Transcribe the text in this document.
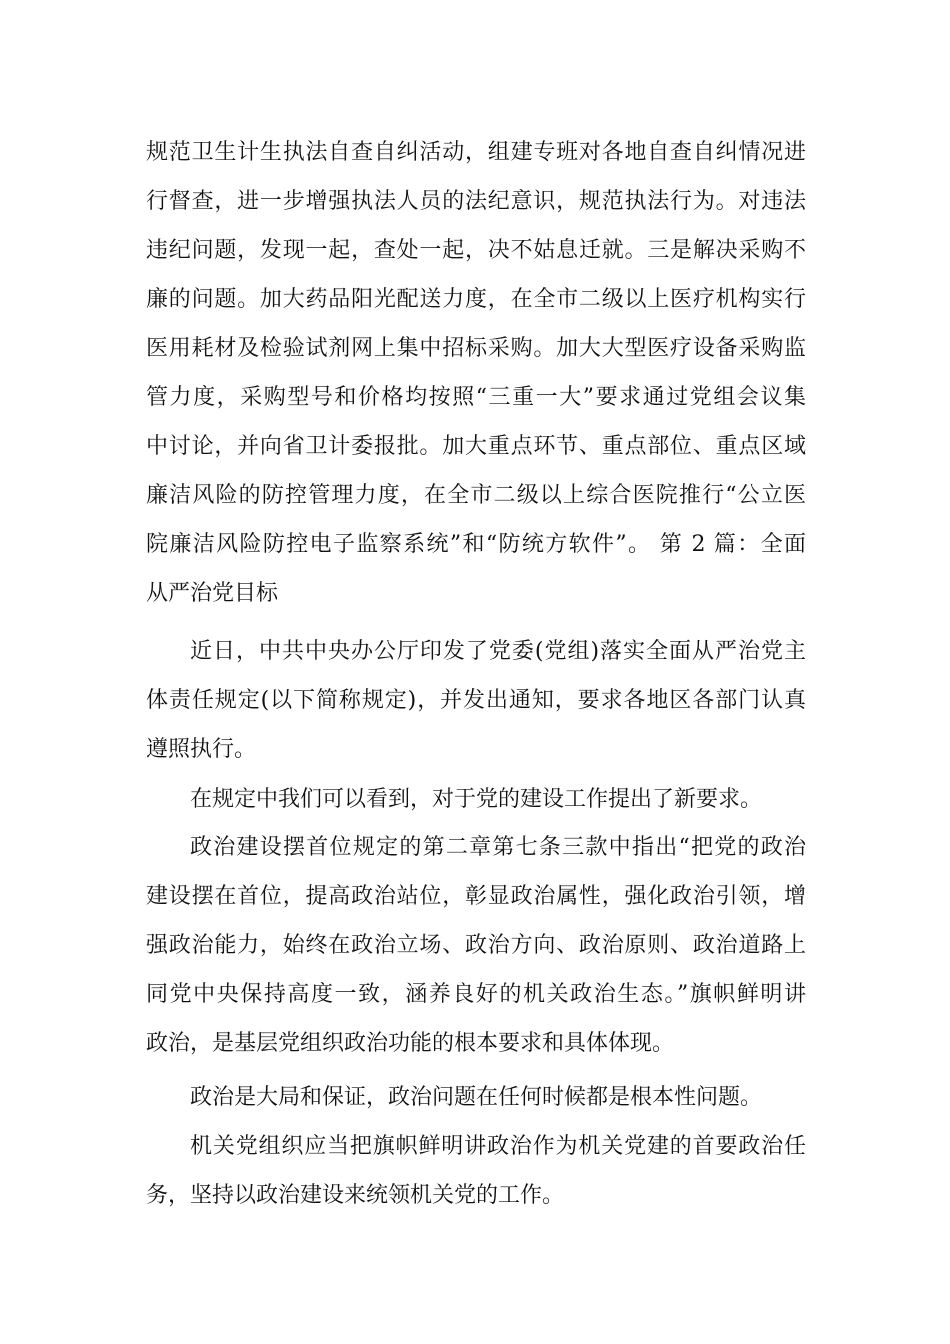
规范卫生计生执法自查自纠活动，组建专班对各地自查自纠情况进
行督查，进一步增强执法人员的法纪意识，规范执法行为。对违法
违纪问题，发现一起，查处一起，决不姑息迁就。三是解决采购不
廉的问题。加大药品阳光配送力度，在全市二级以上医疗机构实行
医用耗材及检验试剂网上集中招标采购。加大大型医疗设备采购监
管力度，采购型号和价格均按照“三重一大”要求通过党组会议集
中讨论，并向省卫计委报批。加大重点环节、重点部位、重点区域
廉洁风险的防控管理力度，在全市二级以上综合医院推行“公立医
院廉洁风险防控电子监察系统”和“防统方软件”。 第 2 篇：全面
从严治党目标
近日，中共中央办公厅印发了党委(党组)落实全面从严治党主
体责任规定(以下简称规定)，并发出通知，要求各地区各部门认真
遵照执行。
在规定中我们可以看到，对于党的建设工作提出了新要求。
政治建设摆首位规定的第二章第七条三款中指出“把党的政治
建设摆在首位，提高政治站位，彰显政治属性，强化政治引领，增
强政治能力，始终在政治立场、政治方向、政治原则、政治道路上
同党中央保持高度一致，涵养良好的机关政治生态。”旗帜鲜明讲
政治，是基层党组织政治功能的根本要求和具体体现。
政治是大局和保证，政治问题在任何时候都是根本性问题。
机关党组织应当把旗帜鲜明讲政治作为机关党建的首要政治任
务，坚持以政治建设来统领机关党的工作。
